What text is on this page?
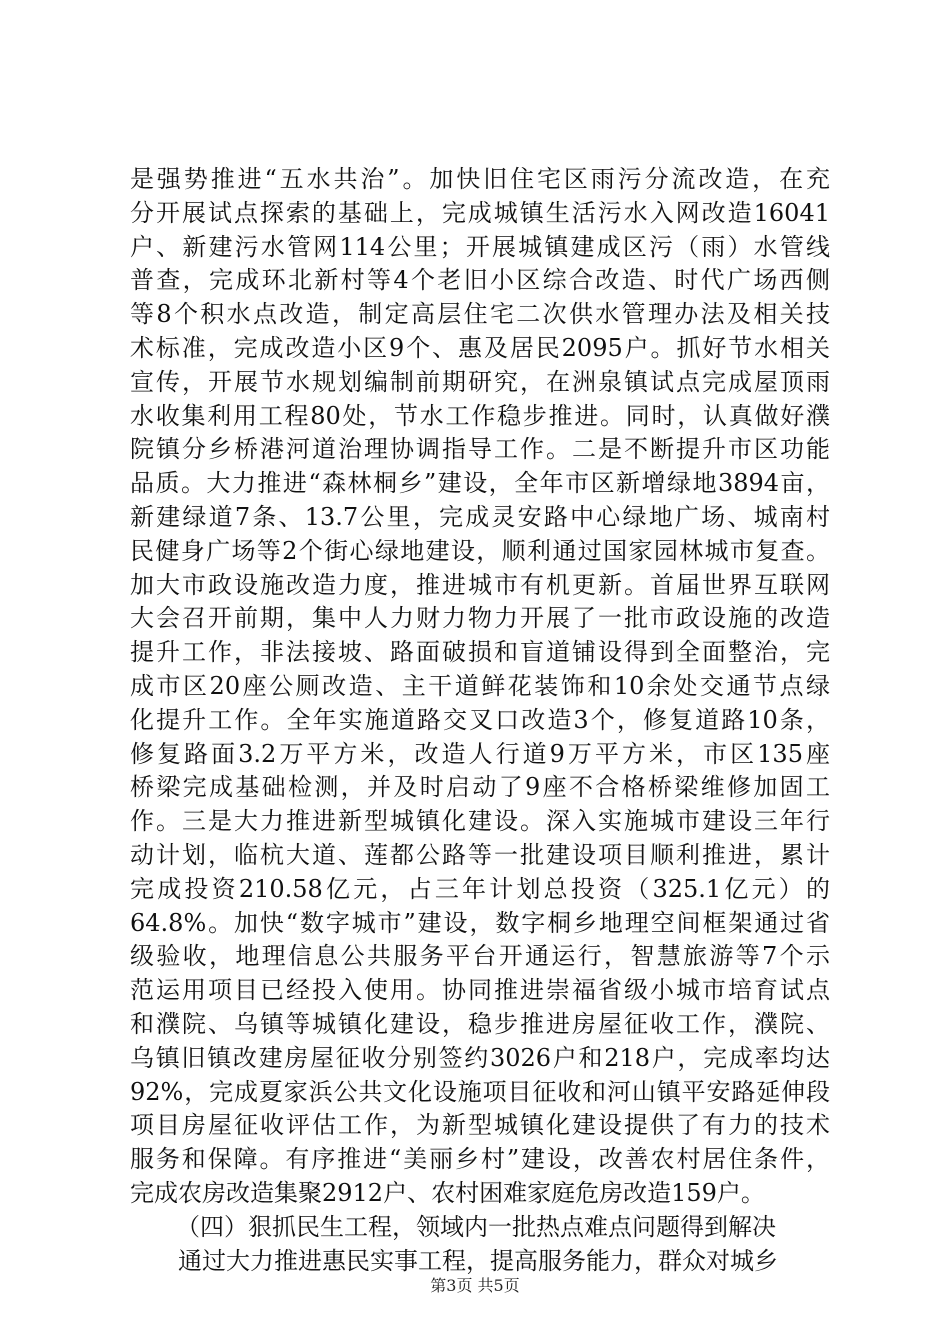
是强势推进“五水共治”。加快旧住宅区雨污分流改造，在充
分开展试点探索的基础上，完成城镇生活污水入网改造16041
户、新建污水管网114公里；开展城镇建成区污（雨）水管线
普查，完成环北新村等4个老旧小区综合改造、时代广场西侧
等8个积水点改造，制定高层住宅二次供水管理办法及相关技
术标准，完成改造小区9个、惠及居民2095户。抓好节水相关
宣传，开展节水规划编制前期研究，在洲泉镇试点完成屋顶雨
水收集利用工程80处，节水工作稳步推进。同时，认真做好濮
院镇分乡桥港河道治理协调指导工作。二是不断提升市区功能
品质。大力推进“森林桐乡”建设，全年市区新增绿地3894亩，
新建绿道7条、13.7公里，完成灵安路中心绿地广场、城南村
民健身广场等2个街心绿地建设，顺利通过国家园林城市复查。
加大市政设施改造力度，推进城市有机更新。首届世界互联网
大会召开前期，集中人力财力物力开展了一批市政设施的改造
提升工作，非法接坡、路面破损和盲道铺设得到全面整治，完
成市区20座公厕改造、主干道鲜花装饰和10余处交通节点绿
化提升工作。全年实施道路交叉口改造3个，修复道路10条，
修复路面3.2万平方米，改造人行道9万平方米，市区135座
桥梁完成基础检测，并及时启动了9座不合格桥梁维修加固工
作。三是大力推进新型城镇化建设。深入实施城市建设三年行
动计划，临杭大道、莲都公路等一批建设项目顺利推进，累计
完成投资210.58亿元，占三年计划总投资（325.1亿元）的
64.8%。加快“数字城市”建设，数字桐乡地理空间框架通过省
级验收，地理信息公共服务平台开通运行，智慧旅游等7个示
范运用项目已经投入使用。协同推进崇福省级小城市培育试点
和濮院、乌镇等城镇化建设，稳步推进房屋征收工作，濮院、
乌镇旧镇改建房屋征收分别签约3026户和218户，完成率均达
92%，完成夏家浜公共文化设施项目征收和河山镇平安路延伸段
项目房屋征收评估工作，为新型城镇化建设提供了有力的技术
服务和保障。有序推进“美丽乡村”建设，改善农村居住条件，
完成农房改造集聚2912户、农村困难家庭危房改造159户。
（四）狠抓民生工程，领域内一批热点难点问题得到解决
通过大力推进惠民实事工程，提高服务能力，群众对城乡
第3页 共5页
